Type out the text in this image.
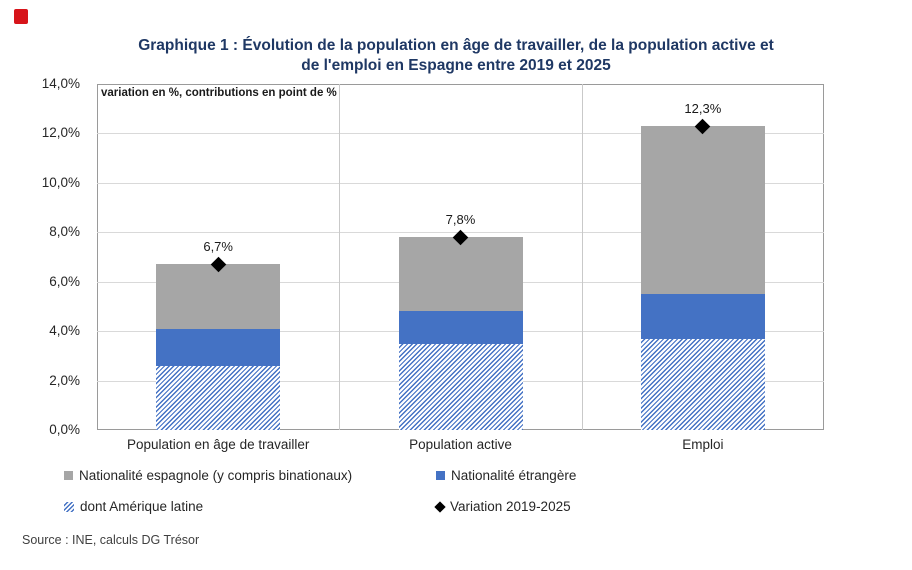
Graphique 1 : Évolution de la population en âge de travailler, de la population active et de l'emploi en Espagne entre 2019 et 2025
14,0%
12,0%
10,0%
8,0%
6,0%
4,0%
2,0%
0,0%
variation en %, contributions en point de %
6,7%
7,8%
12,3%
Population en âge de travailler	Population active	Emploi
Nationalité espagnole (y compris binationaux)	Nationalité étrangère
dont Amérique latine	Variation 2019-2025
Source : INE, calculs DG Trésor
